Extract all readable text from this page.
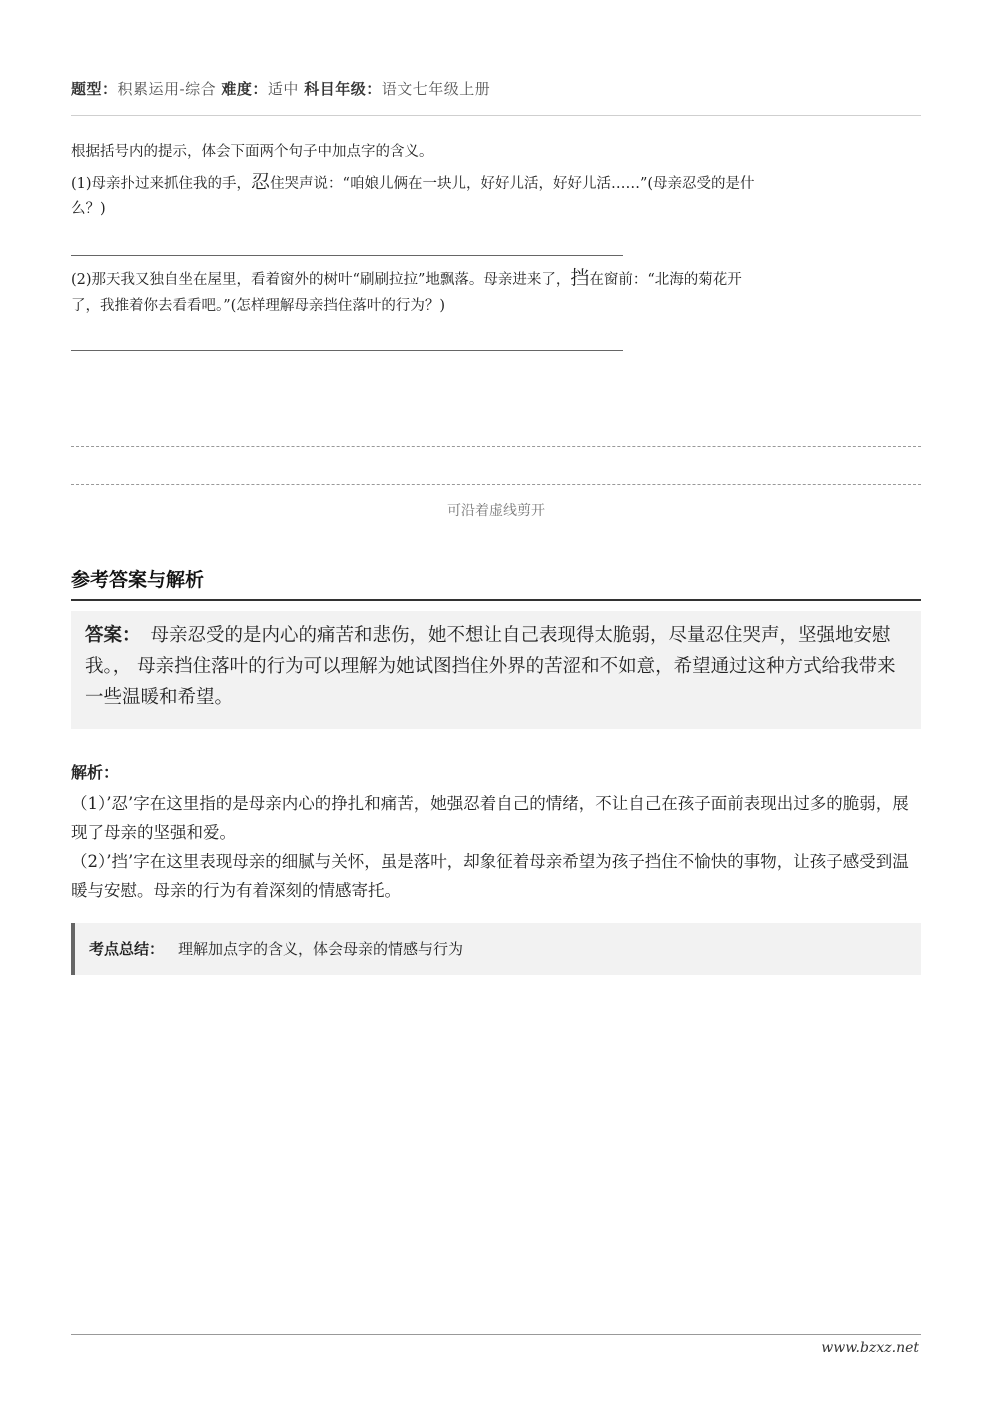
题型：积累运用-综合 难度：适中 科目年级：语文七年级上册

根据括号内的提示，体会下面两个句子中加点字的含义。

(1)母亲扑过来抓住我的手，忍住哭声说：“咱娘儿俩在一块儿，好好儿活，好好儿活……”(母亲忍受的是什

么？)

(2)那天我又独自坐在屋里，看着窗外的树叶“刷刷拉拉”地飘落。母亲进来了，挡在窗前：“北海的菊花开

了，我推着你去看看吧。”(怎样理解母亲挡住落叶的行为？)

可沿着虚线剪开
参考答案与解析
答案： 母亲忍受的是内心的痛苦和悲伤，她不想让自己表现得太脆弱，尽量忍住哭声，坚强地安慰我。， 母亲挡住落叶的行为可以理解为她试图挡住外界的苦涩和不如意，希望通过这种方式给我带来一些温暖和希望。
解析：

（1）’忍’字在这里指的是母亲内心的挣扎和痛苦，她强忍着自己的情绪，不让自己在孩子面前表现出过多的脆弱，展现了母亲的坚强和爱。

（2）’挡’字在这里表现母亲的细腻与关怀，虽是落叶，却象征着母亲希望为孩子挡住不愉快的事物，让孩子感受到温暖与安慰。母亲的行为有着深刻的情感寄托。

考点总结： 理解加点字的含义，体会母亲的情感与行为
www.bzxz.net
